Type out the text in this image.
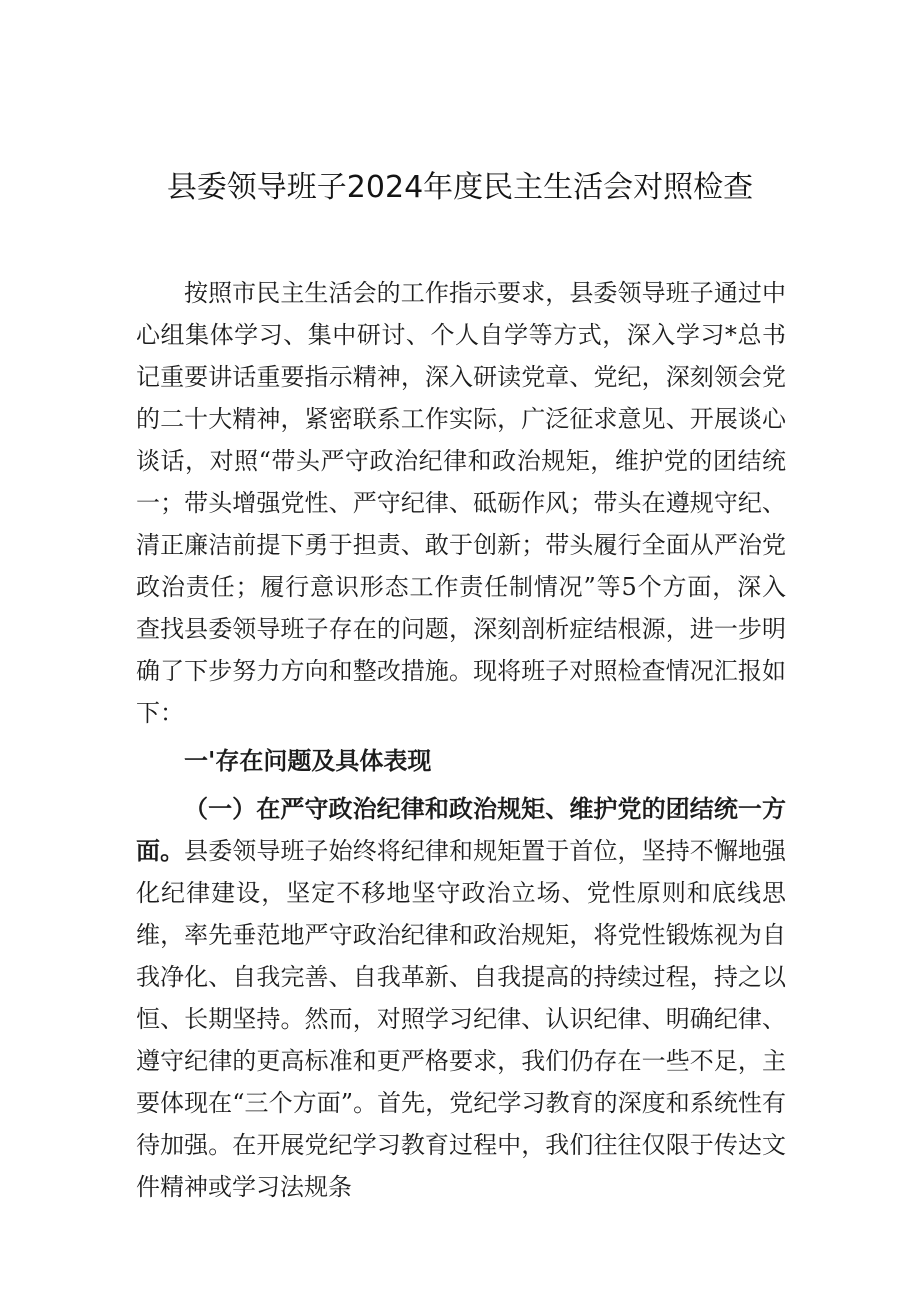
县委领导班子2024年度民主生活会对照检查

按照市民主生活会的工作指示要求，县委领导班子通过中心组集体学习、集中研讨、个人自学等方式，深入学习*总书记重要讲话重要指示精神，深入研读党章、党纪，深刻领会党的二十大精神，紧密联系工作实际，广泛征求意见、开展谈心谈话，对照“带头严守政治纪律和政治规矩，维护党的团结统一；带头增强党性、严守纪律、砥砺作风；带头在遵规守纪、清正廉洁前提下勇于担责、敢于创新；带头履行全面从严治党政治责任；履行意识形态工作责任制情况”等5个方面，深入查找县委领导班子存在的问题，深刻剖析症结根源，进一步明确了下步努力方向和整改措施。现将班子对照检查情况汇报如下：

一'存在问题及具体表现

（一）在严守政治纪律和政治规矩、维护党的团结统一方面。县委领导班子始终将纪律和规矩置于首位，坚持不懈地强化纪律建设，坚定不移地坚守政治立场、党性原则和底线思维，率先垂范地严守政治纪律和政治规矩，将党性锻炼视为自我净化、自我完善、自我革新、自我提高的持续过程，持之以恒、长期坚持。然而，对照学习纪律、认识纪律、明确纪律、遵守纪律的更高标准和更严格要求，我们仍存在一些不足，主要体现在“三个方面”。首先，党纪学习教育的深度和系统性有待加强。在开展党纪学习教育过程中，我们往往仅限于传达文件精神或学习法规条
